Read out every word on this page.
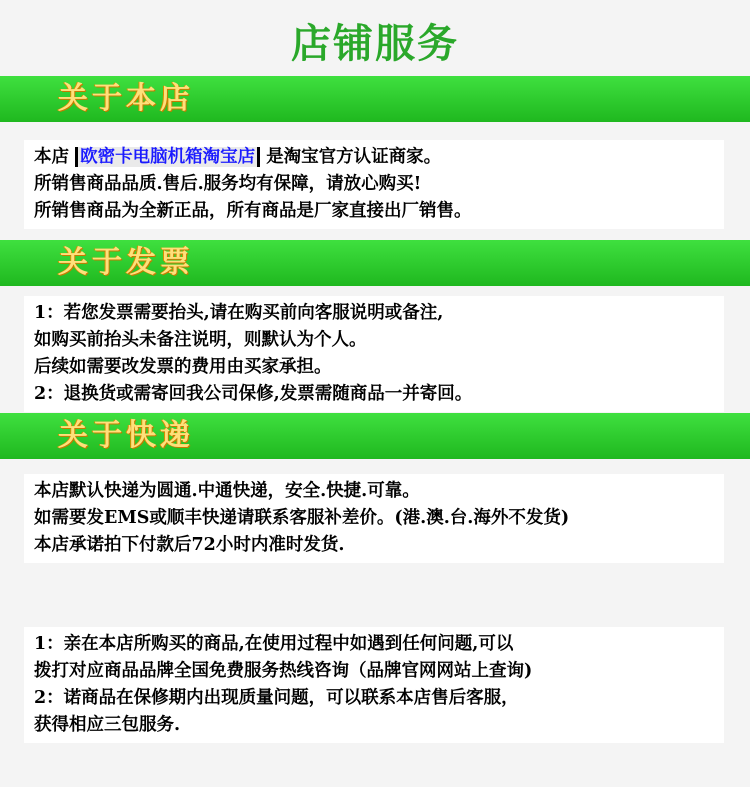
店铺服务
关于本店
本店 欧密卡电脑机箱淘宝店 是淘宝官方认证商家。
所销售商品品质.售后.服务均有保障，请放心购买!
所销售商品为全新正品，所有商品是厂家直接出厂销售。
关于发票
1：若您发票需要抬头,请在购买前向客服说明或备注,
如购买前抬头未备注说明，则默认为个人。
后续如需要改发票的费用由买家承担。
2：退换货或需寄回我公司保修,发票需随商品一并寄回。
关于快递
本店默认快递为圆通.中通快递，安全.快捷.可靠。
如需要发EMS或顺丰快递请联系客服补差价。(港.澳.台.海外不发货)
本店承诺拍下付款后72小时内准时发货.
1：亲在本店所购买的商品,在使用过程中如遇到任何问题,可以
拨打对应商品品牌全国免费服务热线咨询（品牌官网网站上查询)
2：诺商品在保修期内出现质量问题，可以联系本店售后客服，
获得相应三包服务.
